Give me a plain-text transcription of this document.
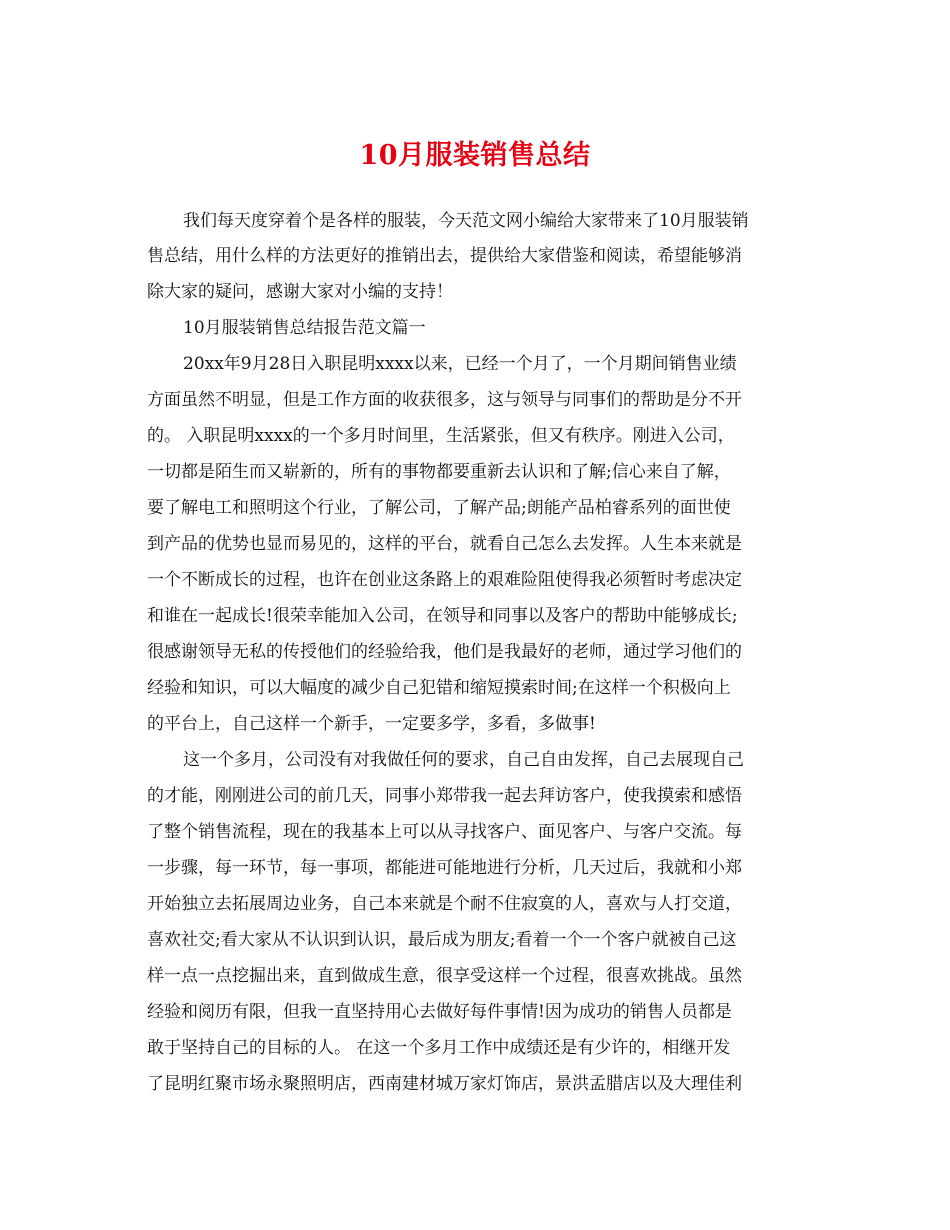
10月服装销售总结

我们每天度穿着个是各样的服装，今天范文网小编给大家带来了10月服装销

售总结，用什么样的方法更好的推销出去，提供给大家借鉴和阅读，希望能够消

除大家的疑问，感谢大家对小编的支持！

10月服装销售总结报告范文篇一

20xx年9月28日入职昆明xxxx以来，已经一个月了，一个月期间销售业绩

方面虽然不明显，但是工作方面的收获很多，这与领导与同事们的帮助是分不开

的。 入职昆明xxxx的一个多月时间里，生活紧张，但又有秩序。刚进入公司，

一切都是陌生而又崭新的，所有的事物都要重新去认识和了解;信心来自了解，

要了解电工和照明这个行业，了解公司，了解产品;朗能产品柏睿系列的面世使

到产品的优势也显而易见的，这样的平台，就看自己怎么去发挥。人生本来就是

一个不断成长的过程，也许在创业这条路上的艰难险阻使得我必须暂时考虑决定

和谁在一起成长!很荣幸能加入公司，在领导和同事以及客户的帮助中能够成长;

很感谢领导无私的传授他们的经验给我，他们是我最好的老师，通过学习他们的

经验和知识，可以大幅度的减少自己犯错和缩短摸索时间;在这样一个积极向上

的平台上，自己这样一个新手，一定要多学，多看，多做事!

这一个多月，公司没有对我做任何的要求，自己自由发挥，自己去展现自己

的才能，刚刚进公司的前几天，同事小郑带我一起去拜访客户，使我摸索和感悟

了整个销售流程，现在的我基本上可以从寻找客户、面见客户、与客户交流。每

一步骤，每一环节，每一事项，都能进可能地进行分析，几天过后，我就和小郑

开始独立去拓展周边业务，自己本来就是个耐不住寂寞的人，喜欢与人打交道，

喜欢社交;看大家从不认识到认识，最后成为朋友;看着一个一个客户就被自己这

样一点一点挖掘出来，直到做成生意，很享受这样一个过程，很喜欢挑战。虽然

经验和阅历有限，但我一直坚持用心去做好每件事情!因为成功的销售人员都是

敢于坚持自己的目标的人。 在这一个多月工作中成绩还是有少许的，相继开发

了昆明红聚市场永聚照明店，西南建材城万家灯饰店，景洪孟腊店以及大理佳利
